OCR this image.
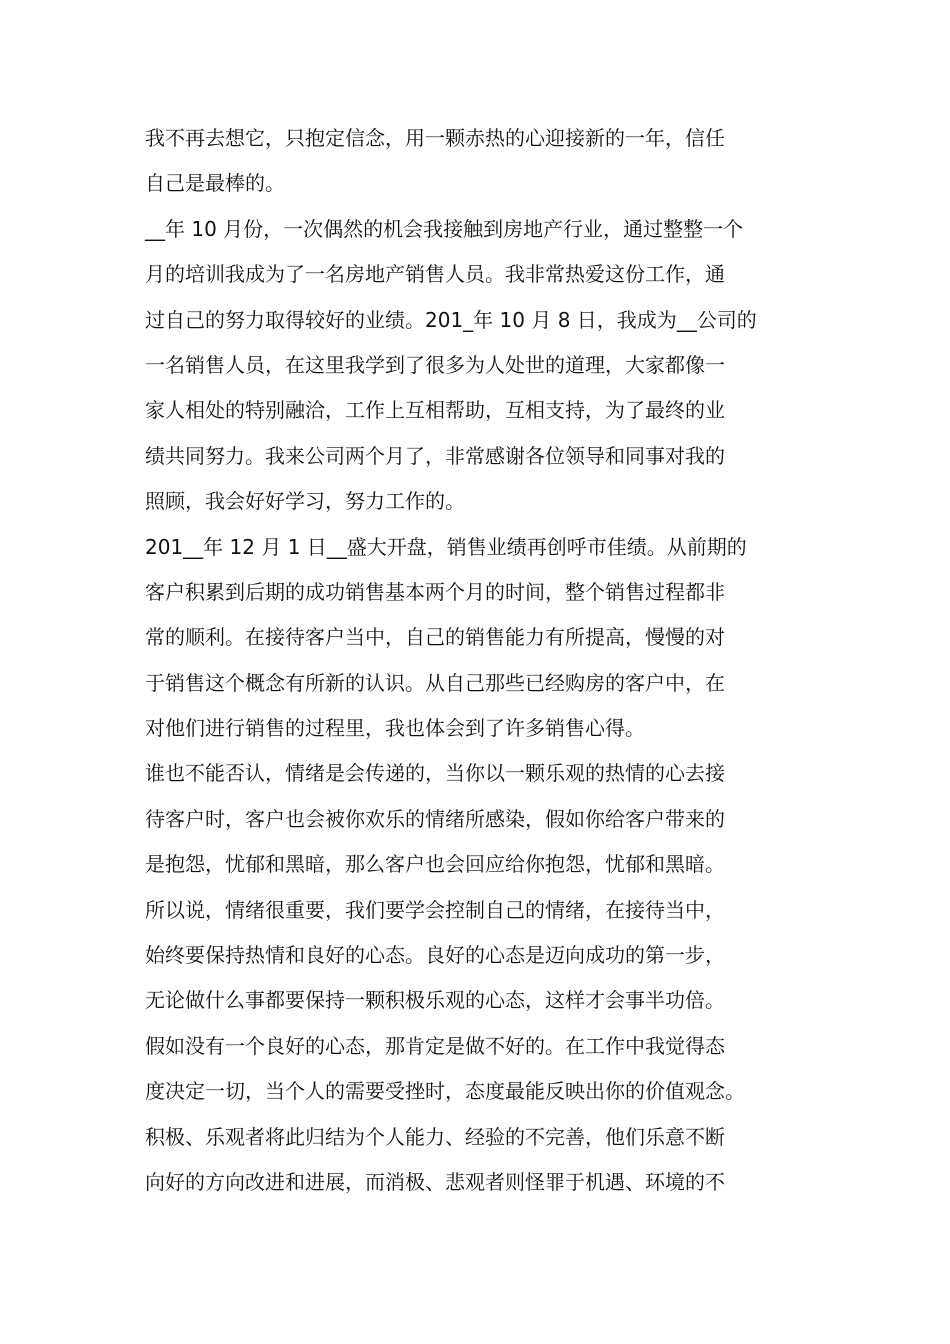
我不再去想它，只抱定信念，用一颗赤热的心迎接新的一年，信任
自己是最棒的。
__年 10 月份，一次偶然的机会我接触到房地产行业，通过整整一个
月的培训我成为了一名房地产销售人员。我非常热爱这份工作，通
过自己的努力取得较好的业绩。201_年 10 月 8 日，我成为__公司的
一名销售人员，在这里我学到了很多为人处世的道理，大家都像一
家人相处的特别融洽，工作上互相帮助，互相支持，为了最终的业
绩共同努力。我来公司两个月了，非常感谢各位领导和同事对我的
照顾，我会好好学习，努力工作的。
201__年 12 月 1 日__盛大开盘，销售业绩再创呼市佳绩。从前期的
客户积累到后期的成功销售基本两个月的时间，整个销售过程都非
常的顺利。在接待客户当中，自己的销售能力有所提高，慢慢的对
于销售这个概念有所新的认识。从自己那些已经购房的客户中，在
对他们进行销售的过程里，我也体会到了许多销售心得。
谁也不能否认，情绪是会传递的，当你以一颗乐观的热情的心去接
待客户时，客户也会被你欢乐的情绪所感染，假如你给客户带来的
是抱怨，忧郁和黑暗，那么客户也会回应给你抱怨，忧郁和黑暗。
所以说，情绪很重要，我们要学会控制自己的情绪，在接待当中，
始终要保持热情和良好的心态。良好的心态是迈向成功的第一步，
无论做什么事都要保持一颗积极乐观的心态，这样才会事半功倍。
假如没有一个良好的心态，那肯定是做不好的。在工作中我觉得态
度决定一切，当个人的需要受挫时，态度最能反映出你的价值观念。
积极、乐观者将此归结为个人能力、经验的不完善，他们乐意不断
向好的方向改进和进展，而消极、悲观者则怪罪于机遇、环境的不
